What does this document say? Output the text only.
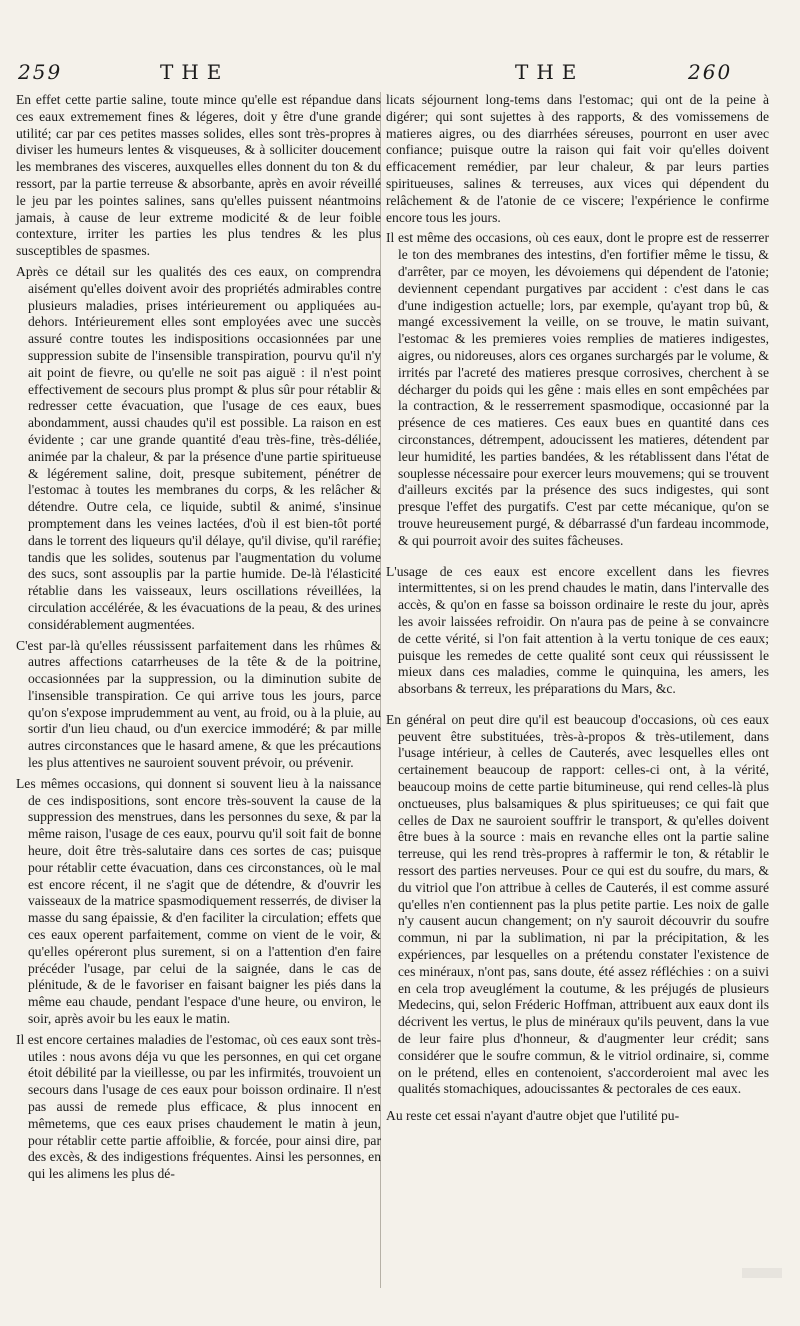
259	THE	THE	260

En effet cette partie saline, toute mince qu'elle est répandue dans ces eaux extremement fines & légeres, doit y être d'une grande utilité; car par ces petites masses solides, elles sont très-propres à diviser les humeurs lentes & visqueuses, & à solliciter doucement les membranes des visceres, auxquelles elles donnent du ton & du ressort, par la partie terreuse & absorbante, après en avoir réveillé le jeu par les pointes salines, sans qu'elles puissent néantmoins jamais, à cause de leur extreme modicité & de leur foible contexture, irriter les parties les plus tendres & les plus susceptibles de spasmes.

Après ce détail sur les qualités des ces eaux, on comprendra aisément qu'elles doivent avoir des propriétés admirables contre plusieurs maladies, prises intérieurement ou appliquées au-dehors. Intérieurement elles sont employées avec une succès assuré contre toutes les indispositions occasionnées par une suppression subite de l'insensible transpiration, pourvu qu'il n'y ait point de fievre, ou qu'elle ne soit pas aiguë : il n'est point effectivement de secours plus prompt & plus sûr pour rétablir & redresser cette évacuation, que l'usage de ces eaux, bues abondamment, aussi chaudes qu'il est possible. La raison en est évidente ; car une grande quantité d'eau très-fine, très-déliée, animée par la chaleur, & par la présence d'une partie spiritueuse & légérement saline, doit, presque subitement, pénétrer de l'estomac à toutes les membranes du corps, & les relâcher & détendre. Outre cela, ce liquide, subtil & animé, s'insinue promptement dans les veines lactées, d'où il est bien-tôt porté dans le torrent des liqueurs qu'il délaye, qu'il divise, qu'il raréfie; tandis que les solides, soutenus par l'augmentation du volume des sucs, sont assouplis par la partie humide. De-là l'élasticité rétablie dans les vaisseaux, leurs oscillations réveillées, la circulation accélérée, & les évacuations de la peau, & des urines considérablement augmentées.

C'est par-là qu'elles réussissent parfaitement dans les rhûmes & autres affections catarrheuses de la tête & de la poitrine, occasionnées par la suppression, ou la diminution subite de l'insensible transpiration. Ce qui arrive tous les jours, parce qu'on s'expose imprudemment au vent, au froid, ou à la pluie, au sortir d'un lieu chaud, ou d'un exercice immodéré; & par mille autres circonstances que le hasard amene, & que les précautions les plus attentives ne sauroient souvent prévoir, ou prévenir.

Les mêmes occasions, qui donnent si souvent lieu à la naissance de ces indispositions, sont encore très-souvent la cause de la suppression des menstrues, dans les personnes du sexe, & par la même raison, l'usage de ces eaux, pourvu qu'il soit fait de bonne heure, doit être très-salutaire dans ces sortes de cas; puisque pour rétablir cette évacuation, dans ces circonstances, où le mal est encore récent, il ne s'agit que de détendre, & d'ouvrir les vaisseaux de la matrice spasmodiquement resserrés, de diviser la masse du sang épaissie, & d'en faciliter la circulation; effets que ces eaux operent parfaitement, comme on vient de le voir, & qu'elles opéreront plus surement, si on a l'attention d'en faire précéder l'usage, par celui de la saignée, dans le cas de plénitude, & de le favoriser en faisant baigner les piés dans la même eau chaude, pendant l'espace d'une heure, ou environ, le soir, après avoir bu les eaux le matin.

Il est encore certaines maladies de l'estomac, où ces eaux sont très-utiles : nous avons déja vu que les personnes, en qui cet organe étoit débilité par la vieillesse, ou par les infirmités, trouvoient un secours dans l'usage de ces eaux pour boisson ordinaire. Il n'est pas aussi de remede plus efficace, & plus innocent en mêmetems, que ces eaux prises chaudement le matin à jeun, pour rétablir cette partie affoiblie, & forcée, pour ainsi dire, par des excès, & des indigestions fréquentes. Ainsi les personnes, en qui les alimens les plus dé-

licats séjournent long-tems dans l'estomac; qui ont de la peine à digérer; qui sont sujettes à des rapports, & des vomissemens de matieres aigres, ou des diarrhées séreuses, pourront en user avec confiance; puisque outre la raison qui fait voir qu'elles doivent efficacement remédier, par leur chaleur, & par leurs parties spiritueuses, salines & terreuses, aux vices qui dépendent du relâchement & de l'atonie de ce viscere; l'expérience le confirme encore tous les jours.

Il est même des occasions, où ces eaux, dont le propre est de resserrer le ton des membranes des intestins, d'en fortifier même le tissu, & d'arrêter, par ce moyen, les dévoiemens qui dépendent de l'atonie; deviennent cependant purgatives par accident : c'est dans le cas d'une indigestion actuelle; lors, par exemple, qu'ayant trop bû, & mangé excessivement la veille, on se trouve, le matin suivant, l'estomac & les premieres voies remplies de matieres indigestes, aigres, ou nidoreuses, alors ces organes surchargés par le volume, & irrités par l'acreté des matieres presque corrosives, cherchent à se décharger du poids qui les gêne : mais elles en sont empêchées par la contraction, & le resserrement spasmodique, occasionné par la présence de ces matieres. Ces eaux bues en quantité dans ces circonstances, détrempent, adoucissent les matieres, détendent par leur humidité, les parties bandées, & les rétablissent dans l'état de souplesse nécessaire pour exercer leurs mouvemens; qui se trouvent d'ailleurs excités par la présence des sucs indigestes, qui sont presque l'effet des purgatifs. C'est par cette mécanique, qu'on se trouve heureusement purgé, & débarrassé d'un fardeau incommode, & qui pourroit avoir des suites fâcheuses.

L'usage de ces eaux est encore excellent dans les fievres intermittentes, si on les prend chaudes le matin, dans l'intervalle des accès, & qu'on en fasse sa boisson ordinaire le reste du jour, après les avoir laissées refroidir. On n'aura pas de peine à se convaincre de cette vérité, si l'on fait attention à la vertu tonique de ces eaux; puisque les remedes de cette qualité sont ceux qui réussissent le mieux dans ces maladies, comme le quinquina, les amers, les absorbans & terreux, les préparations du Mars, &c.

En général on peut dire qu'il est beaucoup d'occasions, où ces eaux peuvent être substituées, très-à-propos & très-utilement, dans l'usage intérieur, à celles de Cauterés, avec lesquelles elles ont certainement beaucoup de rapport: celles-ci ont, à la vérité, beaucoup moins de cette partie bitumineuse, qui rend celles-là plus onctueuses, plus balsamiques & plus spiritueuses; ce qui fait que celles de Dax ne sauroient souffrir le transport, & qu'elles doivent être bues à la source : mais en revanche elles ont la partie saline terreuse, qui les rend très-propres à raffermir le ton, & rétablir le ressort des parties nerveuses. Pour ce qui est du soufre, du mars, & du vitriol que l'on attribue à celles de Cauterés, il est comme assuré qu'elles n'en contiennent pas la plus petite partie. Les noix de galle n'y causent aucun changement; on n'y sauroit découvrir du soufre commun, ni par la sublimation, ni par la précipitation, & les expériences, par lesquelles on a prétendu constater l'existence de ces minéraux, n'ont pas, sans doute, été assez réfléchies : on a suivi en cela trop aveuglément la coutume, & les préjugés de plusieurs Medecins, qui, selon Fréderic Hoffman, attribuent aux eaux dont ils décrivent les vertus, le plus de minéraux qu'ils peuvent, dans la vue de leur faire plus d'honneur, & d'augmenter leur crédit; sans considérer que le soufre commun, & le vitriol ordinaire, si, comme on le prétend, elles en contenoient, s'accorderoient mal avec les qualités stomachiques, adoucissantes & pectorales de ces eaux.

Au reste cet essai n'ayant d'autre objet que l'utilité pu-
